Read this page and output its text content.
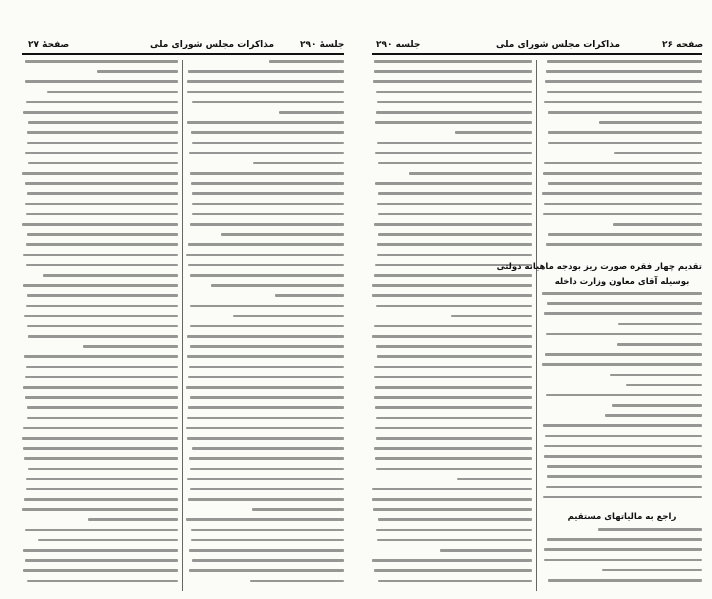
صفحهٔ ۲۷	مذاکرات مجلس شورای ملی	جلسهٔ ۲۹۰	جلسه ۲۹۰	مذاکرات مجلس شورای ملی	صفحه ۲۶
تقدیم چهار فقره صورت ریز بودجه ماهیانه دولتی
بوسیله آقای معاون وزارت داخله
راجع به مالیاتهای مستقیم
